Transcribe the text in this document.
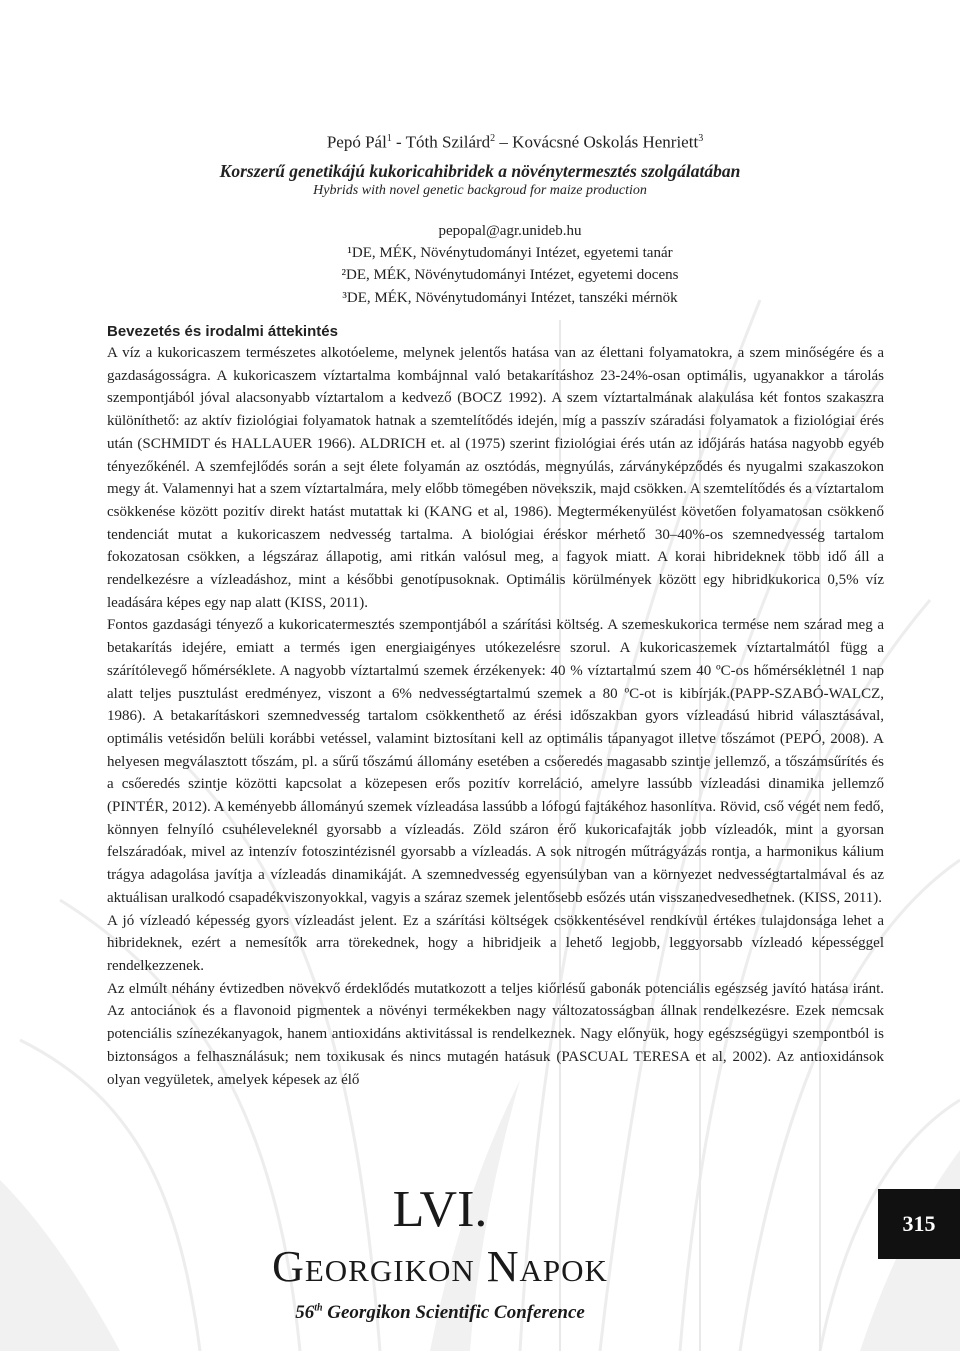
Pepó Pál$^1$ - Tóth Szilárd$^2$ – Kovácsné Oskolás Henriett$^3$
Korszerű genetikájú kukoricahibridek a növénytermesztés szolgálatában
Hybrids with novel genetic backgroud for maize production
pepopal@agr.unideb.hu
¹DE, MÉK, Növénytudományi Intézet, egyetemi tanár
²DE, MÉK, Növénytudományi Intézet, egyetemi docens
³DE, MÉK, Növénytudományi Intézet, tanszéki mérnök
Bevezetés és irodalmi áttekintés

A víz a kukoricaszem természetes alkotóeleme, melynek jelentős hatása van az élettani folyamatokra, a szem minőségére és a gazdaságosságra. A kukoricaszem víztartalma kombájnnal való betakarításhoz 23-24%-osan optimális, ugyanakkor a tárolás szempontjából jóval alacsonyabb víztartalom a kedvező (BOCZ 1992). A szem víztartalmának alakulása két fontos szakaszra különíthető: az aktív fiziológiai folyamatok hatnak a szemtelítődés idején, míg a passzív száradási folyamatok a fiziológiai érés után (SCHMIDT és HALLAUER 1966). ALDRICH et. al (1975) szerint fiziológiai érés után az időjárás hatása nagyobb egyéb tényezőkénél. A szemfejlődés során a sejt élete folyamán az osztódás, megnyúlás, zárványképződés és nyugalmi szakaszokon megy át. Valamennyi hat a szem víztartalmára, mely előbb tömegében növekszik, majd csökken. A szemtelítődés és a víztartalom csökkenése között pozitív direkt hatást mutattak ki (KANG et al, 1986). Megtermékenyülést követően folyamatosan csökkenő tendenciát mutat a kukoricaszem nedvesség tartalma. A biológiai éréskor mérhető 30–40%-os szemnedvesség tartalom fokozatosan csökken, a légszáraz állapotig, ami ritkán valósul meg, a fagyok miatt. A korai hibrideknek több idő áll a rendelkezésre a vízleadáshoz, mint a későbbi genotípusoknak. Optimális körülmények között egy hibridkukorica 0,5% víz leadására képes egy nap alatt (KISS, 2011).

Fontos gazdasági tényező a kukoricatermesztés szempontjából a szárítási költség. A szemeskukorica termése nem szárad meg a betakarítás idejére, emiatt a termés igen energiaigényes utókezelésre szorul. A kukoricaszemek víztartalmától függ a szárítólevegő hőmérséklete. A nagyobb víztartalmú szemek érzékenyek: 40 % víztartalmú szem 40 ºC-os hőmérsékletnél 1 nap alatt teljes pusztulást eredményez, viszont a 6% nedvességtartalmú szemek a 80 ºC-ot is kibírják.(PAPP-SZABÓ-WALCZ, 1986). A betakarításkori szemnedvesség tartalom csökkenthető az érési időszakban gyors vízleadású hibrid választásával, optimális vetésidőn belüli korábbi vetéssel, valamint biztosítani kell az optimális tápanyagot illetve tőszámot (PEPÓ, 2008). A helyesen megválasztott tőszám, pl. a sűrű tőszámú állomány esetében a csőeredés magasabb szintje jellemző, a tőszámsűrítés és a csőeredés szintje közötti kapcsolat a közepesen erős pozitív korreláció, amelyre lassúbb vízleadási dinamika jellemző (PINTÉR, 2012). A keményebb állományú szemek vízleadása lassúbb a lófogú fajtákéhoz hasonlítva. Rövid, cső végét nem fedő, könnyen felnyíló csuhéleveleknél gyorsabb a vízleadás. Zöld száron érő kukoricafajták jobb vízleadók, mint a gyorsan felszáradóak, mivel az intenzív fotoszintézisnél gyorsabb a vízleadás. A sok nitrogén műtrágyázás rontja, a harmonikus kálium trágya adagolása javítja a vízleadás dinamikáját. A szemnedvesség egyensúlyban van a környezet nedvességtartalmával és az aktuálisan uralkodó csapadékviszonyokkal, vagyis a száraz szemek jelentősebb esőzés után visszanedvesedhetnek. (KISS, 2011).

A jó vízleadó képesség gyors vízleadást jelent. Ez a szárítási költségek csökkentésével rendkívül értékes tulajdonsága lehet a hibrideknek, ezért a nemesítők arra törekednek, hogy a hibridjeik a lehető legjobb, leggyorsabb vízleadó képességgel rendelkezzenek.

Az elmúlt néhány évtizedben növekvő érdeklődés mutatkozott a teljes kiőrlésű gabonák potenciális egészség javító hatása iránt. Az antociánok és a flavonoid pigmentek a növényi termékekben nagy változatosságban állnak rendelkezésre. Ezek nemcsak potenciális színezékanyagok, hanem antioxidáns aktivitással is rendelkeznek. Nagy előnyük, hogy egészségügyi szempontból is biztonságos a felhasználásuk; nem toxikusak és nincs mutagén hatásuk (PASCUAL TERESA et al, 2002). Az antioxidánsok olyan vegyületek, amelyek képesek az élő

LVI.
Georgikon Napok
56th Georgikon Scientific Conference
315
